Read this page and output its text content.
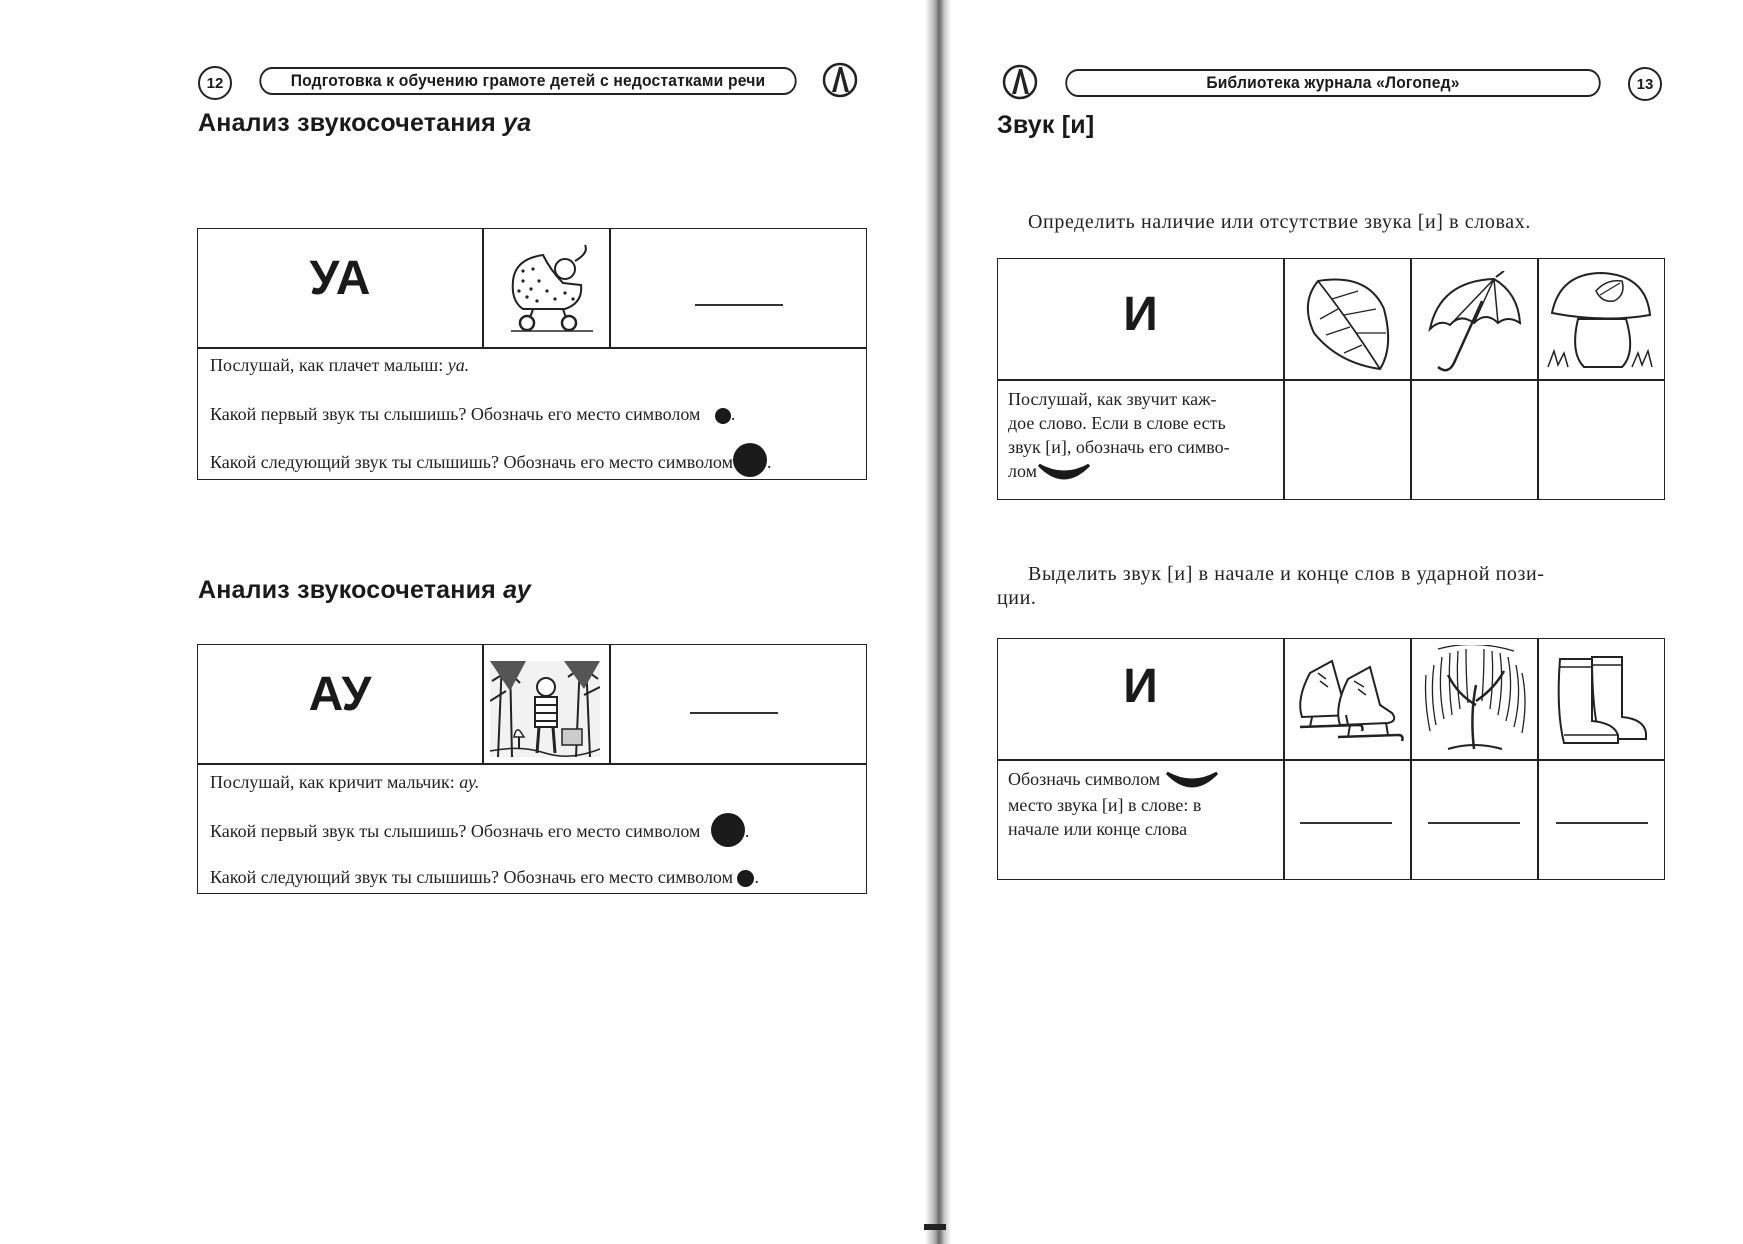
12	Подготовка к обучению грамоте детей с недостатками речи
Анализ звукосочетания уа
УА
Послушай, как плачет малыш: уа.
Какой первый звук ты слышишь? Обозначь его место символом .
Какой следующий звук ты слышишь? Обозначь его место символом .
Анализ звукосочетания ау
АУ
Послушай, как кричит мальчик: ау.
Какой первый звук ты слышишь? Обозначь его место символом .
Какой следующий звук ты слышишь? Обозначь его место символом .
Библиотека журнала «Логопед»	13
Звук [и]
Определить наличие или отсутствие звука [и] в словах.
И
Послушай, как звучит каж-
дое слово. Если в слове есть
звук [и], обозначь его симво-
лом
Выделить звук [и] в начале и конце слов в ударной пози-
ции.
И
Обозначь символом
место звука [и] в слове: в
начале или конце слова
